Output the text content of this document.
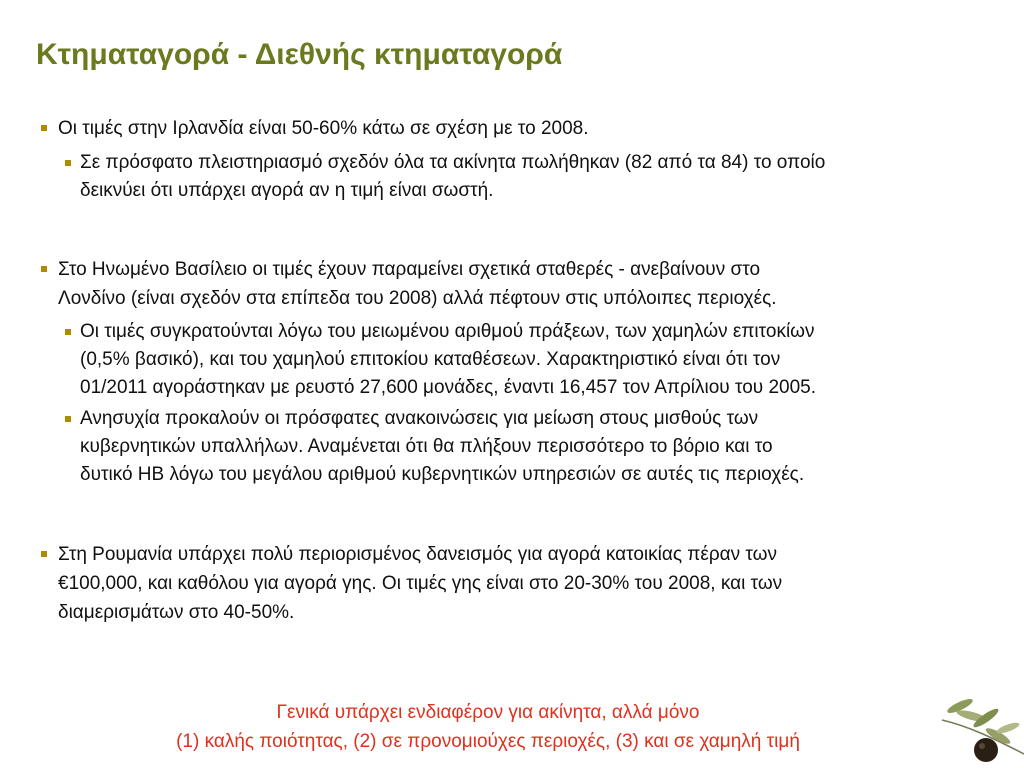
Κτηματαγορά - Διεθνής κτηματαγορά

Οι τιμές στην Ιρλανδία είναι 50-60% κάτω σε σχέση με το 2008.

Σε πρόσφατο πλειστηριασμό σχεδόν όλα τα ακίνητα πωλήθηκαν (82 από τα 84) το οποίο

δεικνύει ότι υπάρχει αγορά αν η τιμή είναι σωστή.

Στο Ηνωμένο Βασίλειο οι τιμές έχουν παραμείνει σχετικά σταθερές - ανεβαίνουν στο

Λονδίνο (είναι σχεδόν στα επίπεδα του 2008) αλλά πέφτουν στις υπόλοιπες περιοχές.

Οι τιμές συγκρατούνται λόγω του μειωμένου αριθμού πράξεων, των χαμηλών επιτοκίων

(0,5% βασικό), και του χαμηλού επιτοκίου καταθέσεων. Χαρακτηριστικό είναι ότι τον

01/2011 αγοράστηκαν με ρευστό 27,600 μονάδες, έναντι 16,457 τον Απρίλιου του 2005.

Ανησυχία προκαλούν οι πρόσφατες ανακοινώσεις για μείωση στους μισθούς των

κυβερνητικών υπαλλήλων. Αναμένεται ότι θα πλήξουν περισσότερο το βόριο και το

δυτικό ΗΒ λόγω του μεγάλου αριθμού κυβερνητικών υπηρεσιών σε αυτές τις περιοχές.

Στη Ρουμανία υπάρχει πολύ περιορισμένος δανεισμός για αγορά κατοικίας πέραν των

€100,000, και καθόλου για αγορά γης. Οι τιμές γης είναι στο 20-30% του 2008, και των

διαμερισμάτων στο 40-50%.

Γενικά υπάρχει ενδιαφέρον για ακίνητα, αλλά μόνο
(1) καλής ποιότητας, (2) σε προνομιούχες περιοχές, (3) και σε χαμηλή τιμή
